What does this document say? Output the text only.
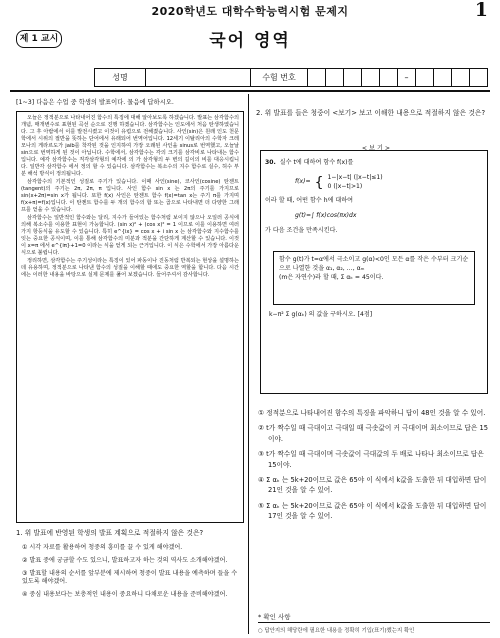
2020학년도 대학수학능력시험 문제지	1
제 1 교시	국어 영역
성명	수험 번호	–
[1~3] 다음은 수업 중 학생의 발표이다. 물음에 답하시오.

오늘은 정적분으로 나타내어진 함수의 특징에 대해 알아보도록 하겠습니다. 발표는 삼각함수의 개념, 매개변수로 표현된 곡선 순으로 진행 하겠습니다. 삼각함수는 인도에서 처음 탄생하였습니다. 그 후 아랍에서 이를 발전시켰고 이것이 유럽으로 전해졌습니다. 사인(sin)은 원래 인도 천문학에서 시위의 절반을 뜻하는 단어에서 유래되어 번역어입니다. 12세기 이탈리아의 수학자 크레모나의 게라르도가 jaib를 착각된 것을 인지하여 가장 오래된 사인을 sinus로 번역했고, 오늘날 sin으로 번역하게 된 것이 아닙니다. 수학에서, 삼각함수는 각의 크기를 삼각비로 나타내는 함수입니다. 예각 삼각함수는 직각삼각형의 예각에 의 가 삼각형의 두 변의 길이의 비를 대응시킵니다. 일반각 삼각함수 에서 정의 할 수 있습니다. 삼각함수는 복소수의 지수 함수로 실수, 허수 부분 해석 방식이 정의됩니다.

삼각함수의 기본적인 성질로 주기가 있습니다. 이때 사인(sine), 코사인(cosine) 탄젠트(tangent)의 주기는 2π, 2π, π 입니다. 사인 함수 sin x 는 2π의 주기를 가지므로 sin(x+2π)=sin x가 됩니다. 또한 f(x) 사인은 탄젠트 함수 f(x)=tan x는 주기 π를 가지며 f(x+π)=f(x)입니다. 이 탄젠트 함수를 두 개의 함수의 합 또는 곱으로 나타내면 더 다양한 그래프를 얻을 수 있습니다.

삼각함수는 일반적인 함수와는 달리, 지수가 들어있는 함수처럼 보이지 않으나 오일러 공식에 의해 복소수를 이용한 표현이 가능합니다. (sin x)² + (cos x)² = 1 이므로 이를 이용하면 여러 가지 항등식을 유도할 수 있습니다. 특히 e^{ix} = cos x + i sin x 는 삼각함수와 지수함수를 잇는 중요한 공식이며, 이를 통해 삼각함수의 미분과 적분을 간단하게 계산할 수 있습니다. 이것이 x=π 에서 e^{iπ}+1=0 이라는 식을 얻게 되는 근거입니다. 이 식은 수학에서 가장 아름다운 식으로 불립니다.

정리하면, 삼각함수는 주기성이라는 특징이 있어 파동이나 진동처럼 반복되는 현상을 설명하는 데 유용하며, 정적분으로 나타낸 함수의 성질을 이해할 때에도 중요한 역할을 합니다. 다음 시간에는 이러한 내용을 바탕으로 실제 문제를 풀어 보겠습니다. 들어주셔서 감사합니다.

1. 위 발표에 반영된 학생의 발표 계획으로 적절하지 않은 것은?
① 시각 자료를 활용하여 청중의 흥미를 끌 수 있게 해야겠어.
② 발표 중에 궁금할 수도 있으니, 발표하고자 하는 것의 역사도 소개해야겠어.
③ 발표할 내용의 순서를 앞부분에 제시하여 청중이 발표 내용을 예측하며 들을 수 있도록 해야겠어.
④ 중심 내용보다는 보충적인 내용이 중요하니 다채로운 내용을 준비해야겠어.
2. 위 발표를 들은 청중이 <보기> 보고 이해한 내용으로 적절하지 않은 것은?
< 보 기 >
30. 실수 t에 대하여 함수 f(x)를
f(x)= { 1−|x−t| (|x−t|≤1)
0 (|x−t|>1)
이라 할 때, 어떤 함수 h에 대하여
g(t)=∫ f(x)cos(πx)dx
가 다음 조건을 만족시킨다.
함수 g(t)가 t=α에서 극소이고 g(α)<0인 모든 α를 작은 수부터 크기순으로 나열한 것을 α₁, α₂, …, αₘ
(m은 자연수)라 할 때, Σ αₖ = 45이다.
k−π² Σ g(αₖ) 의 값을 구하시오. [4점]
① 정적분으로 나타내어진 함수의 특징을 파악하니 답이 48인 것을 알 수 있어.
② t가 짝수일 때 극대이고 극대일 때 극솟값이 커 극대이며 최소이므로 답은 15이야.
③ t가 짝수일 때 극대이며 극솟값이 극대값의 두 배로 나타나 최소이므로 답은 15이야.
④ Σ αₖ 는 5k+20이므로 값은 65야 이 식에서 k값을 도출한 뒤 대입하면 답이 21인 것을 알 수 있어.
⑤ Σ αₖ 는 5k+20이므로 값은 65야 이 식에서 k값을 도출한 뒤 대입하면 답이 17인 것을 알 수 있어.
* 확인 사항
○ 답안지의 해당란에 필요한 내용을 정확히 기입(표기)했는지 확인
